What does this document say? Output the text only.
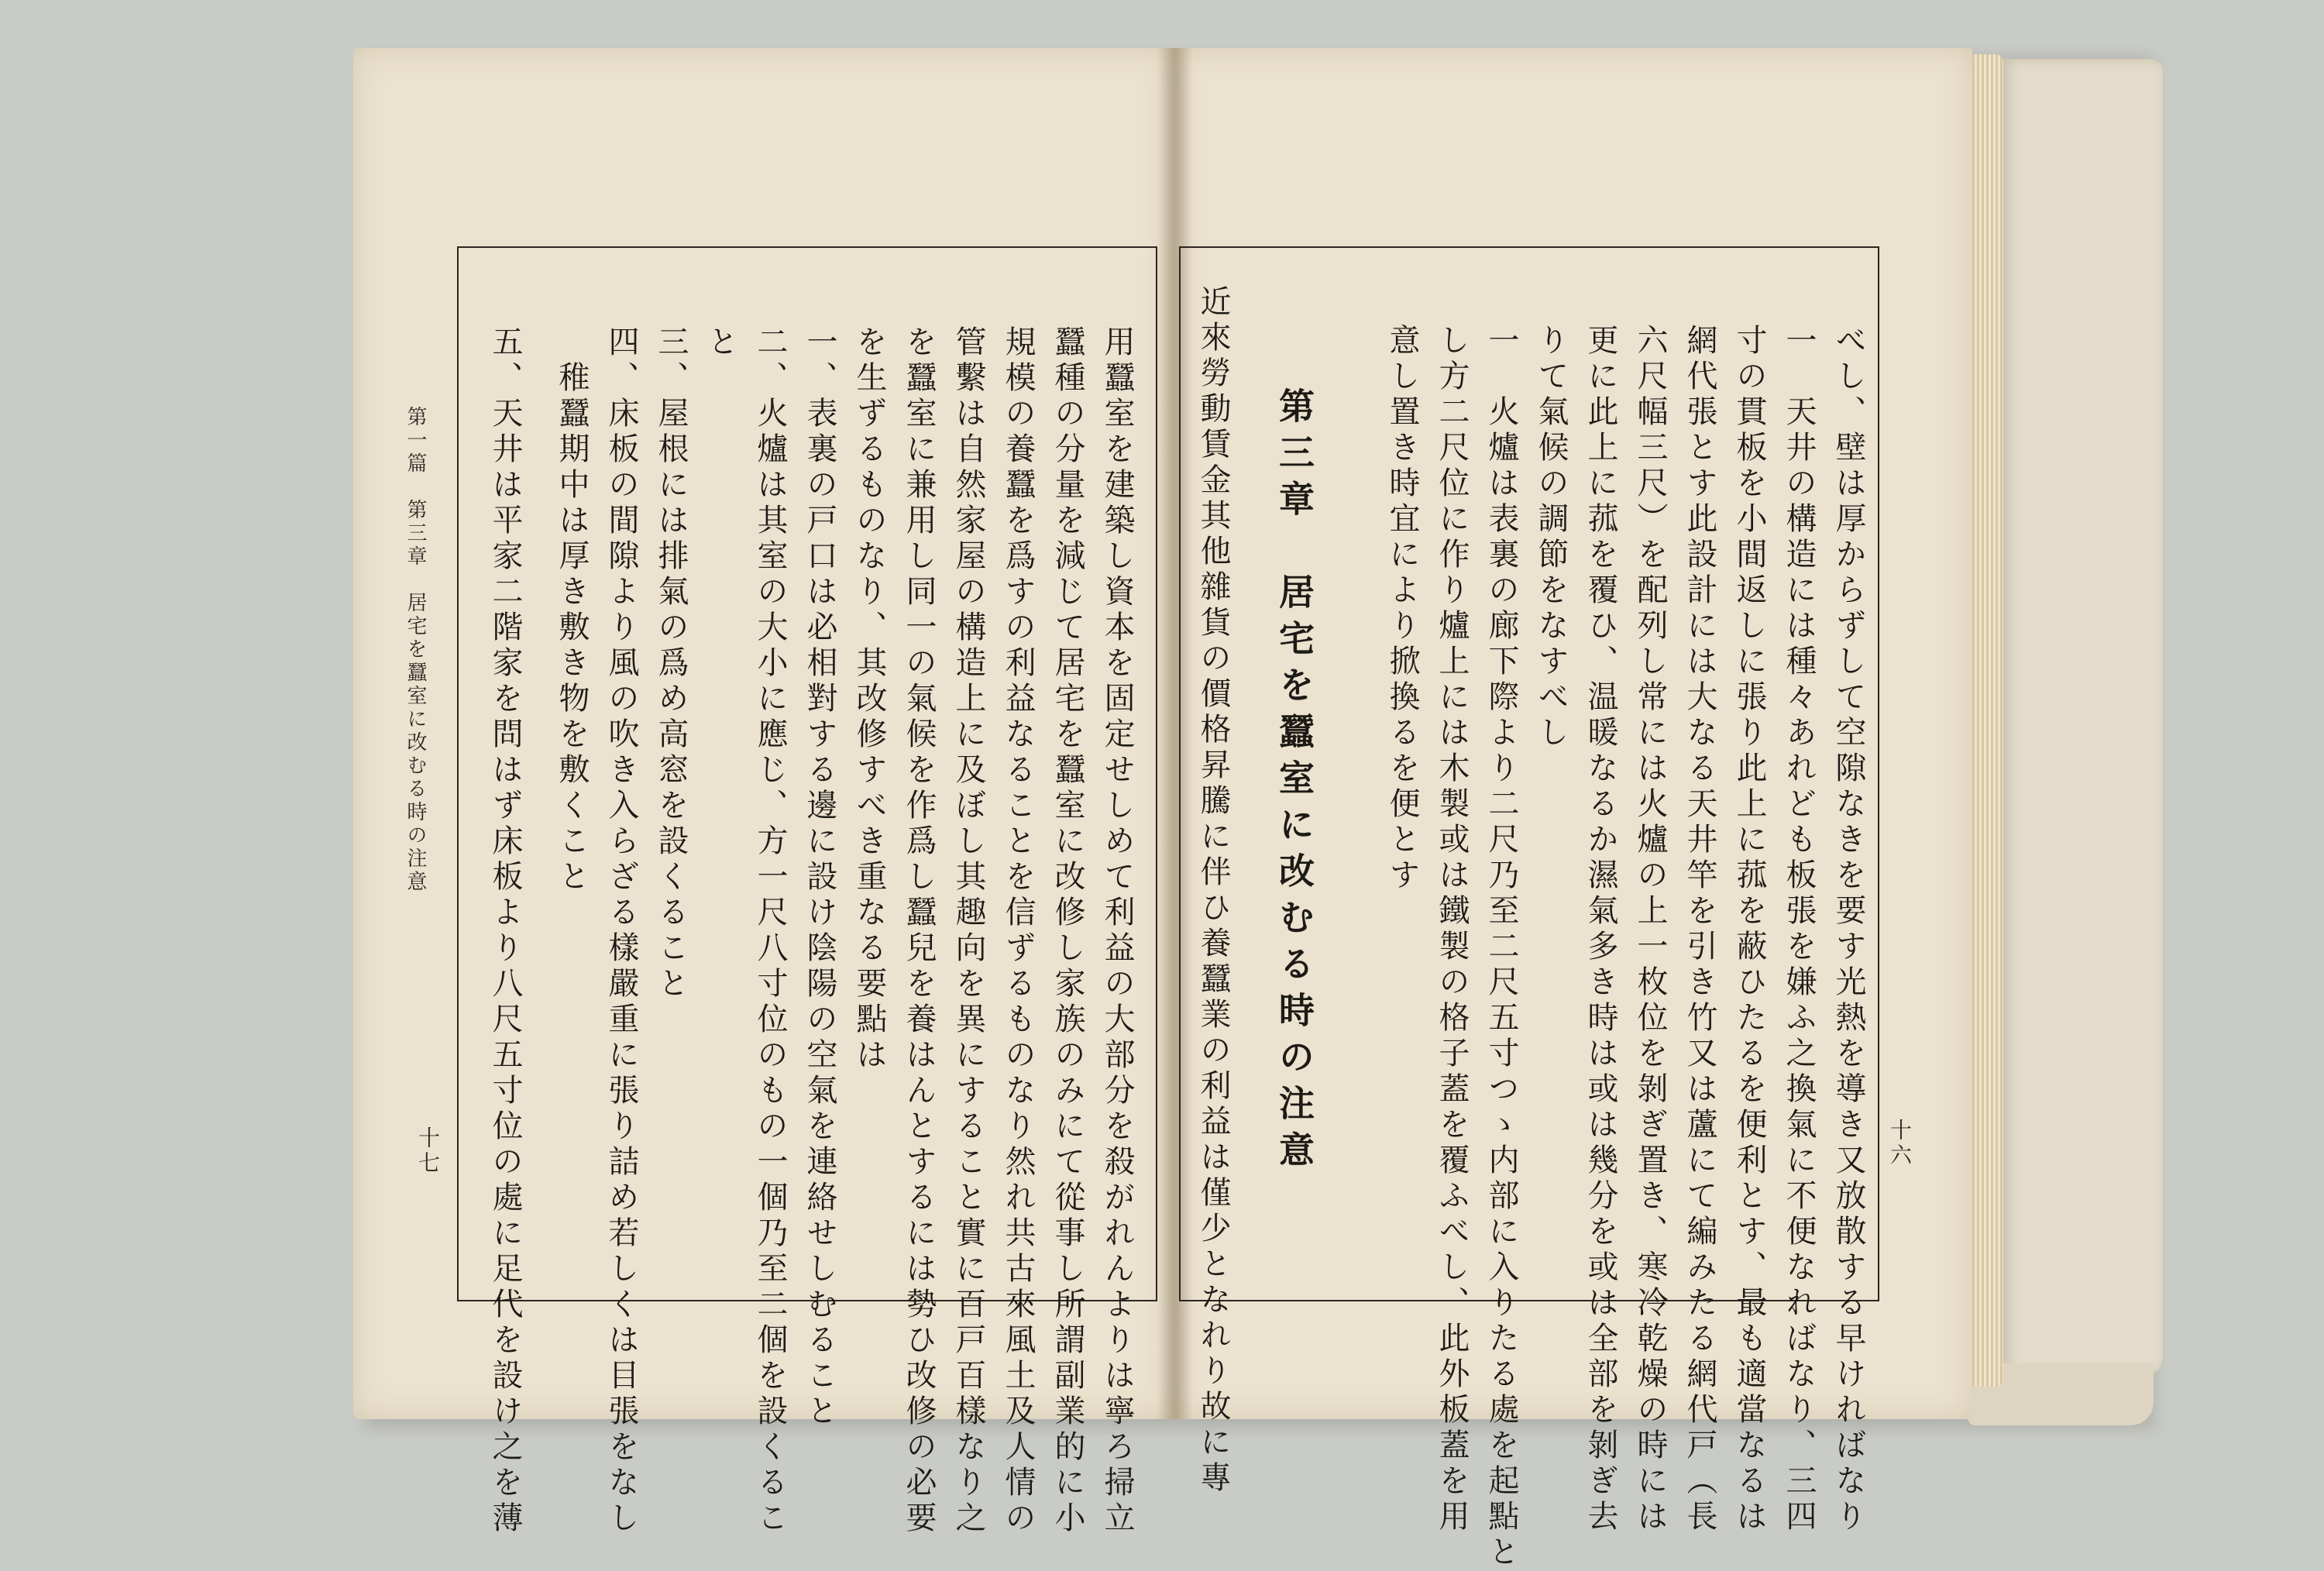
第一篇　第三章　居宅を蠶室に改むる時の注意
十七	十六
用蠶室を建築し資本を固定せしめて利益の大部分を殺がれんよりは寧ろ掃立
蠶種の分量を減じて居宅を蠶室に改修し家族のみにて從事し所謂副業的に小
規模の養蠶を爲すの利益なることを信ずるものなり然れ共古來風土及人情の
管繫は自然家屋の構造上に及ぼし其趣向を異にすること實に百戸百樣なり之
を蠶室に兼用し同一の氣候を作爲し蠶兒を養はんとするには勢ひ改修の必要
を生ずるものなり、其改修すべき重なる要點は
一、表裏の戸口は必相對する邊に設け陰陽の空氣を連絡せしむること
二、火爐は其室の大小に應じ、方一尺八寸位のもの一個乃至二個を設くるこ
と
三、屋根には排氣の爲め高窓を設くること
四、床板の間隙より風の吹き入らざる樣嚴重に張り詰め若しくは目張をなし
　稚蠶期中は厚き敷き物を敷くこと
五、天井は平家二階家を問はず床板より八尺五寸位の處に足代を設け之を薄	べし、壁は厚からずして空隙なきを要す光熱を導き又放散する早ければなり
一　天井の構造には種々あれども板張を嫌ふ之換氣に不便なればなり、三四
寸の貫板を小間返しに張り此上に菰を蔽ひたるを便利とす、最も適當なるは
網代張とす此設計には大なる天井竿を引き竹又は蘆にて編みたる網代戸（長
六尺幅三尺）を配列し常には火爐の上一枚位を剝ぎ置き、寒冷乾燥の時には
更に此上に菰を覆ひ、温暖なるか濕氣多き時は或は幾分を或は全部を剝ぎ去
りて氣候の調節をなすべし
一　火爐は表裏の廊下際より二尺乃至二尺五寸つゝ内部に入りたる處を起點と
し方二尺位に作り爐上には木製或は鐵製の格子蓋を覆ふべし、此外板蓋を用
意し置き時宜により掀換るを便とす
第三章　居宅を蠶室に改むる時の注意
近來勞動賃金其他雜貨の價格昇騰に伴ひ養蠶業の利益は僅少となれり故に專
